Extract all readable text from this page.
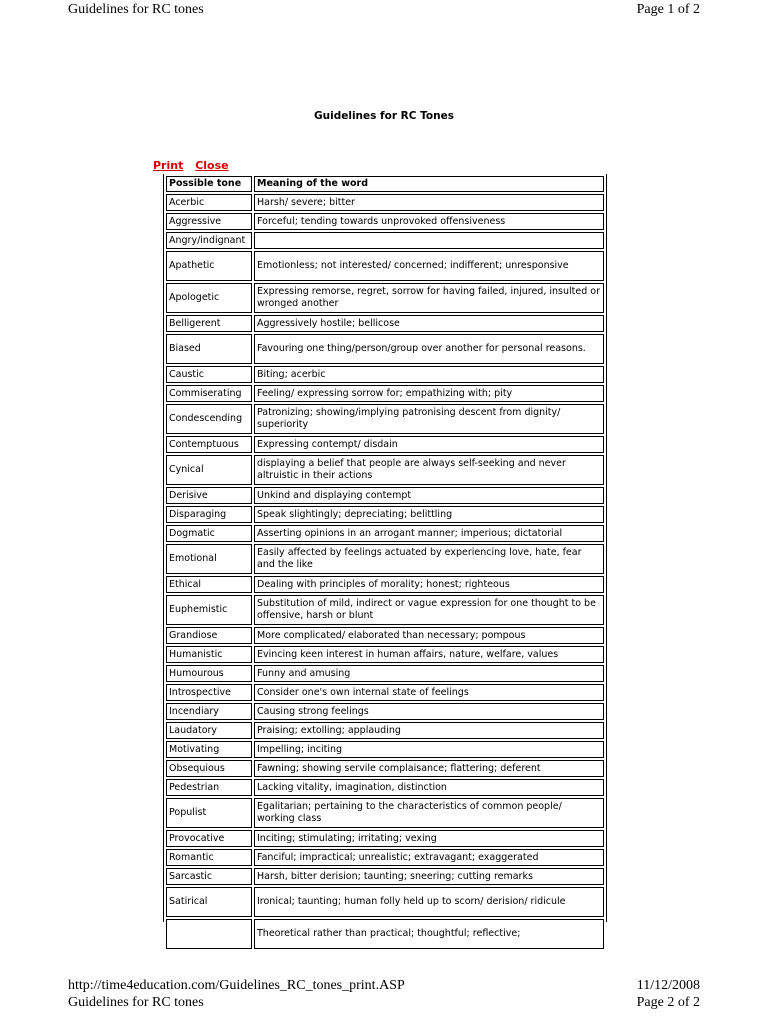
Guidelines for RC tones	Page 1 of 2
Guidelines for RC Tones
Print Close
Possible tone	Meaning of the word
Acerbic	Harsh/ severe; bitter
Aggressive	Forceful; tending towards unprovoked offensiveness
Angry/indignant	
Apathetic	Emotionless; not interested/ concerned; indifferent; unresponsive
Apologetic	Expressing remorse, regret, sorrow for having failed, injured, insulted or wronged another
Belligerent	Aggressively hostile; bellicose
Biased	Favouring one thing/person/group over another for personal reasons.
Caustic	Biting; acerbic
Commiserating	Feeling/ expressing sorrow for; empathizing with; pity
Condescending	Patronizing; showing/implying patronising descent from dignity/ superiority
Contemptuous	Expressing contempt/ disdain
Cynical	displaying a belief that people are always self-seeking and never altruistic in their actions
Derisive	Unkind and displaying contempt
Disparaging	Speak slightingly; depreciating; belittling
Dogmatic	Asserting opinions in an arrogant manner; imperious; dictatorial
Emotional	Easily affected by feelings actuated by experiencing love, hate, fear and the like
Ethical	Dealing with principles of morality; honest; righteous
Euphemistic	Substitution of mild, indirect or vague expression for one thought to be offensive, harsh or blunt
Grandiose	More complicated/ elaborated than necessary; pompous
Humanistic	Evincing keen interest in human affairs, nature, welfare, values
Humourous	Funny and amusing
Introspective	Consider one's own internal state of feelings
Incendiary	Causing strong feelings
Laudatory	Praising; extolling; applauding
Motivating	Impelling; inciting
Obsequious	Fawning; showing servile complaisance; flattering; deferent
Pedestrian	Lacking vitality, imagination, distinction
Populist	Egalitarian; pertaining to the characteristics of common people/ working class
Provocative	Inciting; stimulating; irritating; vexing
Romantic	Fanciful; impractical; unrealistic; extravagant; exaggerated
Sarcastic	Harsh, bitter derision; taunting; sneering; cutting remarks
Satirical	Ironical; taunting; human folly held up to scorn/ derision/ ridicule
	Theoretical rather than practical; thoughtful; reflective;
http://time4education.com/Guidelines_RC_tones_print.ASP	11/12/2008
Guidelines for RC tones	Page 2 of 2
